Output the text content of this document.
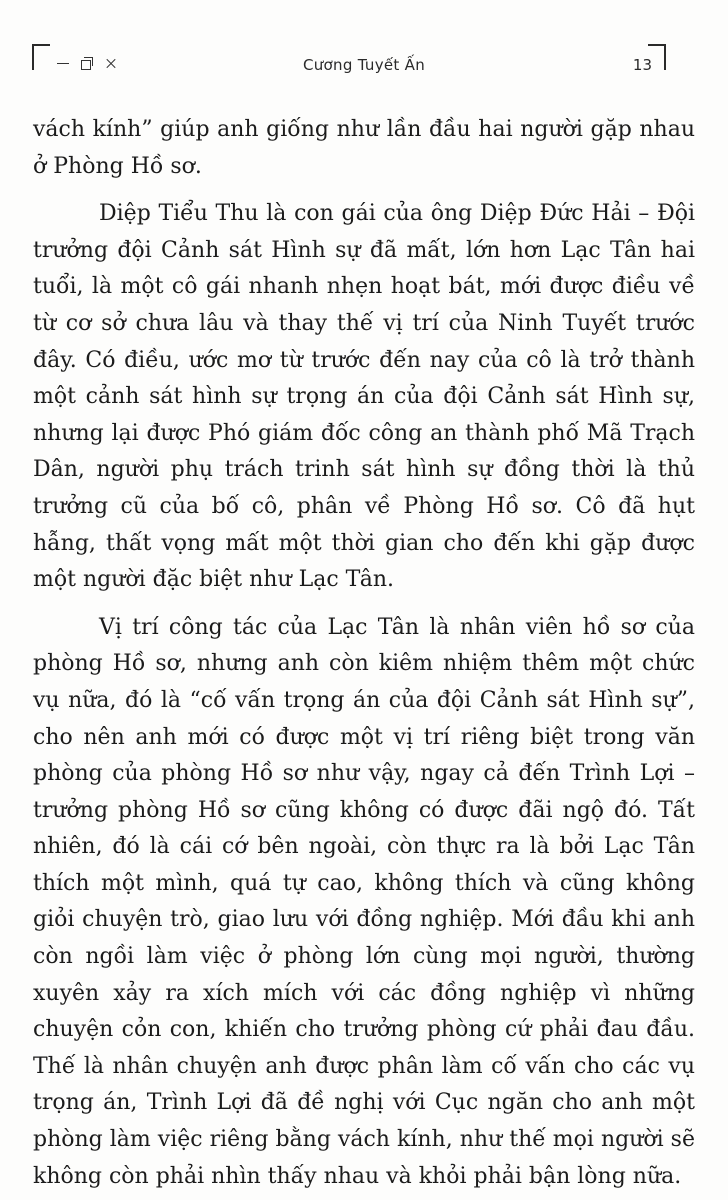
Cương Tuyết Ấn	13

vách kính” giúp anh giống như lần đầu hai người gặp nhau ở Phòng Hồ sơ.

Diệp Tiểu Thu là con gái của ông Diệp Đức Hải – Đội trưởng đội Cảnh sát Hình sự đã mất, lớn hơn Lạc Tân hai tuổi, là một cô gái nhanh nhẹn hoạt bát, mới được điều về từ cơ sở chưa lâu và thay thế vị trí của Ninh Tuyết trước đây. Có điều, ước mơ từ trước đến nay của cô là trở thành một cảnh sát hình sự trọng án của đội Cảnh sát Hình sự, nhưng lại được Phó giám đốc công an thành phố Mã Trạch Dân, người phụ trách trinh sát hình sự đồng thời là thủ trưởng cũ của bố cô, phân về Phòng Hồ sơ. Cô đã hụt hẫng, thất vọng mất một thời gian cho đến khi gặp được một người đặc biệt như Lạc Tân.

Vị trí công tác của Lạc Tân là nhân viên hồ sơ của phòng Hồ sơ, nhưng anh còn kiêm nhiệm thêm một chức vụ nữa, đó là “cố vấn trọng án của đội Cảnh sát Hình sự”, cho nên anh mới có được một vị trí riêng biệt trong văn phòng của phòng Hồ sơ như vậy, ngay cả đến Trình Lợi – trưởng phòng Hồ sơ cũng không có được đãi ngộ đó. Tất nhiên, đó là cái cớ bên ngoài, còn thực ra là bởi Lạc Tân thích một mình, quá tự cao, không thích và cũng không giỏi chuyện trò, giao lưu với đồng nghiệp. Mới đầu khi anh còn ngồi làm việc ở phòng lớn cùng mọi người, thường xuyên xảy ra xích mích với các đồng nghiệp vì những chuyện cỏn con, khiến cho trưởng phòng cứ phải đau đầu. Thế là nhân chuyện anh được phân làm cố vấn cho các vụ trọng án, Trình Lợi đã đề nghị với Cục ngăn cho anh một phòng làm việc riêng bằng vách kính, như thế mọi người sẽ không còn phải nhìn thấy nhau và khỏi phải bận lòng nữa.
